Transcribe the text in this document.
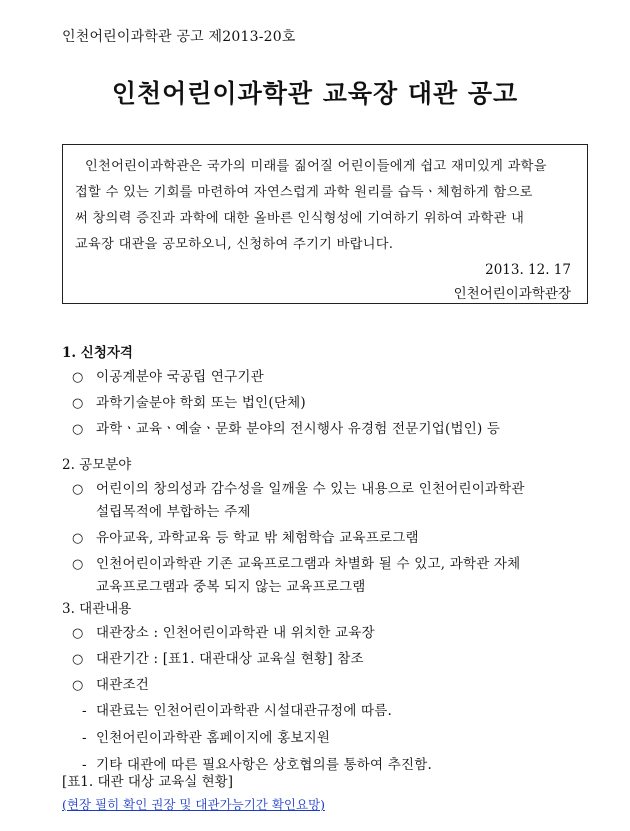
인천어린이과학관 공고 제2013-20호
인천어린이과학관 교육장 대관 공고

인천어린이과학관은 국가의 미래를 짊어질 어린이들에게 쉽고 재미있게 과학을
접할 수 있는 기회를 마련하여 자연스럽게 과학 원리를 습득ㆍ체험하게 함으로
써 창의력 증진과 과학에 대한 올바른 인식형성에 기여하기 위하여 과학관 내
교육장 대관을 공모하오니, 신청하여 주기기 바랍니다.

2013. 12. 17
인천어린이과학관장
1. 신청자격
○ 이공계분야 국공립 연구기관
○ 과학기술분야 학회 또는 법인(단체)
○ 과학ㆍ교육ㆍ예술ㆍ문화 분야의 전시행사 유경험 전문기업(법인) 등
2. 공모분야
○ 어린이의 창의성과 감수성을 일깨울 수 있는 내용으로 인천어린이과학관
설립목적에 부합하는 주제
○ 유아교육, 과학교육 등 학교 밖 체험학습 교육프로그램
○ 인천어린이과학관 기존 교육프로그램과 차별화 될 수 있고, 과학관 자체
교육프로그램과 중복 되지 않는 교육프로그램
3. 대관내용
○ 대관장소 : 인천어린이과학관 내 위치한 교육장
○ 대관기간 : [표1. 대관대상 교육실 현황] 참조
○ 대관조건
- 대관료는 인천어린이과학관 시설대관규정에 따름.
- 인천어린이과학관 홈페이지에 홍보지원
- 기타 대관에 따른 필요사항은 상호협의를 통하여 추진함.
[표1. 대관 대상 교육실 현황]
(현장 필히 확인 권장 및 대관가능기간 확인요망)
